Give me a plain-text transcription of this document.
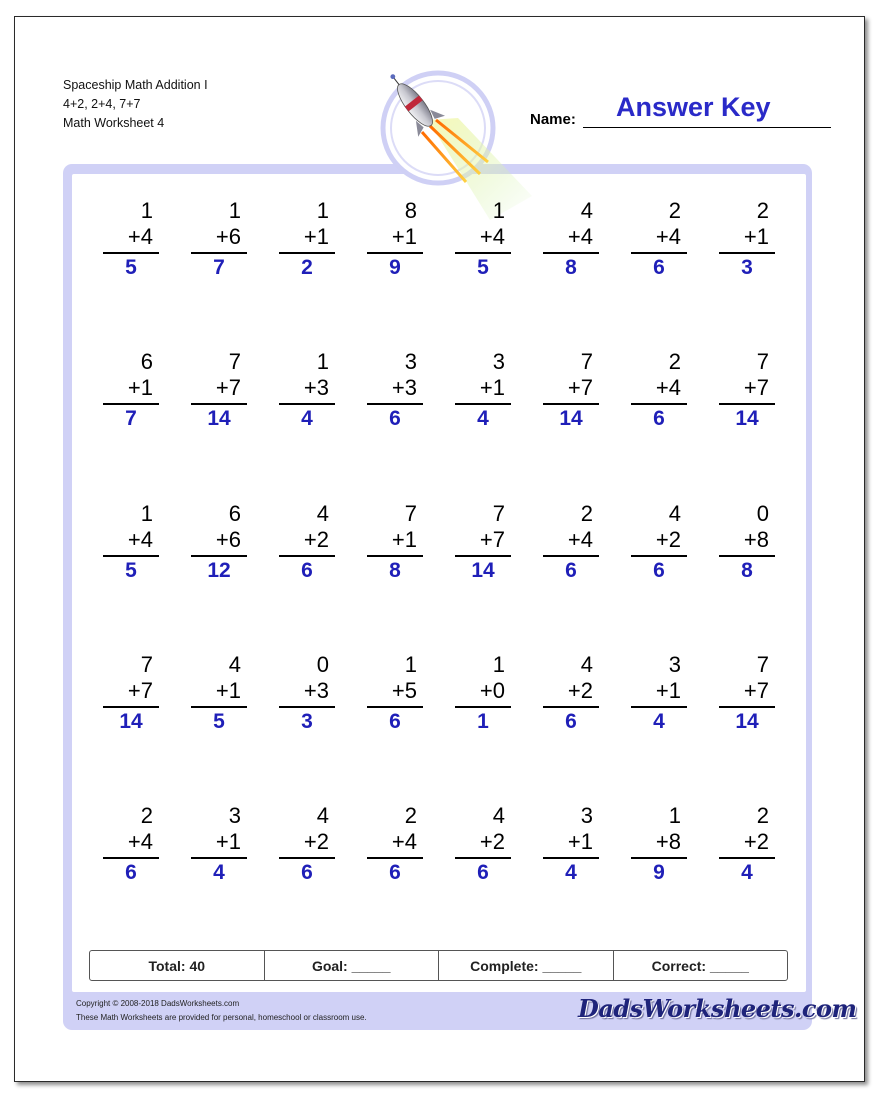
Spaceship Math Addition I
4+2, 2+4, 7+7
Math Worksheet 4	Name: Answer Key
1
+4
5
1
+6
7
1
+1
2
8
+1
9
1
+4
5
4
+4
8
2
+4
6
2
+1
3
6
+1
7
7
+7
14
1
+3
4
3
+3
6
3
+1
4
7
+7
14
2
+4
6
7
+7
14
1
+4
5
6
+6
12
4
+2
6
7
+1
8
7
+7
14
2
+4
6
4
+2
6
0
+8
8
7
+7
14
4
+1
5
0
+3
3
1
+5
6
1
+0
1
4
+2
6
3
+1
4
7
+7
14
2
+4
6
3
+1
4
4
+2
6
2
+4
6
4
+2
6
3
+1
4
1
+8
9
2
+2
4
Total: 40	Goal: _____	Complete: _____	Correct: _____
Copyright © 2008-2018 DadsWorksheets.com
These Math Worksheets are provided for personal, homeschool or classroom use.	DadsWorksheets.com
